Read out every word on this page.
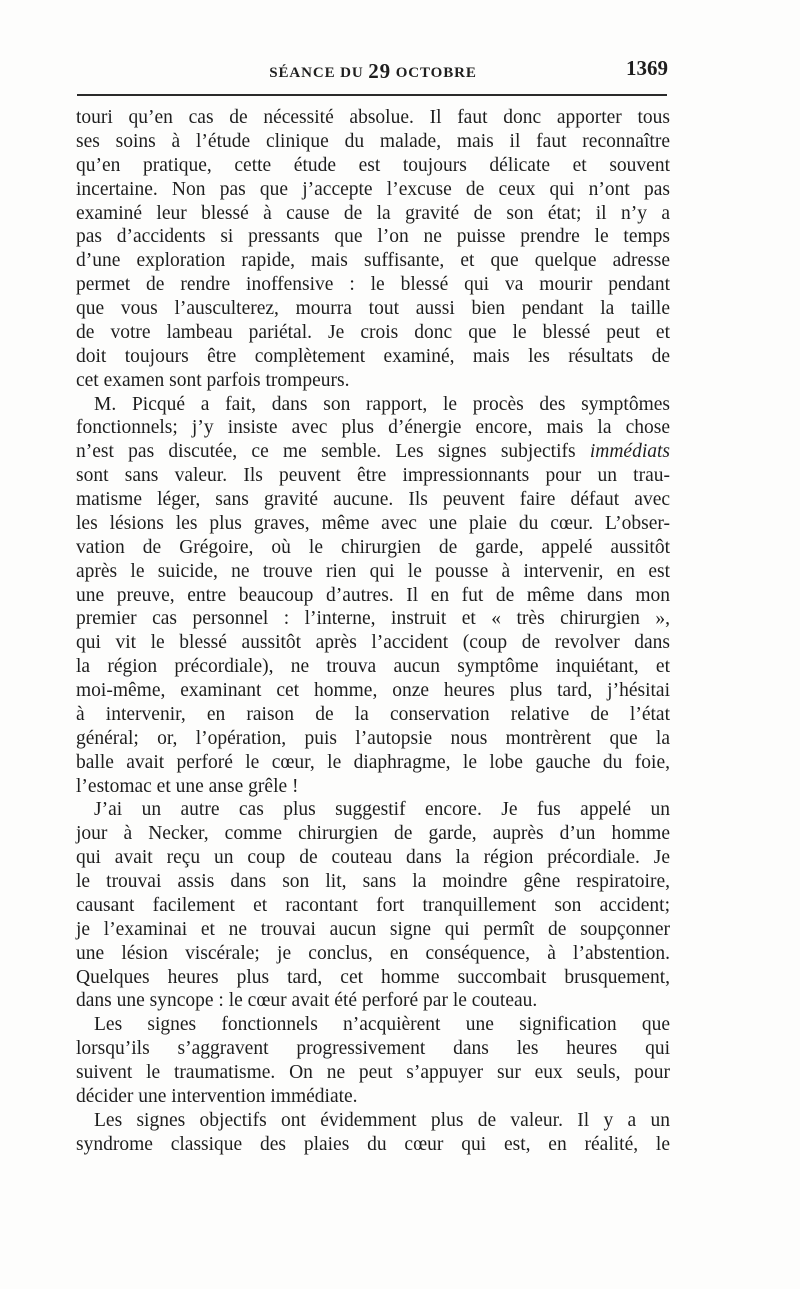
SÉANCE DU 29 OCTOBRE	1369
touri qu’en cas de nécessité absolue. Il faut donc apporter tous
ses soins à l’étude clinique du malade, mais il faut reconnaître
qu’en pratique, cette étude est toujours délicate et souvent
incertaine. Non pas que j’accepte l’excuse de ceux qui n’ont pas
examiné leur blessé à cause de la gravité de son état; il n’y a
pas d’accidents si pressants que l’on ne puisse prendre le temps
d’une exploration rapide, mais suffisante, et que quelque adresse
permet de rendre inoffensive : le blessé qui va mourir pendant
que vous l’ausculterez, mourra tout aussi bien pendant la taille
de votre lambeau pariétal. Je crois donc que le blessé peut et
doit toujours être complètement examiné, mais les résultats de
cet examen sont parfois trompeurs.
M. Picqué a fait, dans son rapport, le procès des symptômes
fonctionnels; j’y insiste avec plus d’énergie encore, mais la chose
n’est pas discutée, ce me semble. Les signes subjectifs immédiats
sont sans valeur. Ils peuvent être impressionnants pour un trau-
matisme léger, sans gravité aucune. Ils peuvent faire défaut avec
les lésions les plus graves, même avec une plaie du cœur. L’obser-
vation de Grégoire, où le chirurgien de garde, appelé aussitôt
après le suicide, ne trouve rien qui le pousse à intervenir, en est
une preuve, entre beaucoup d’autres. Il en fut de même dans mon
premier cas personnel : l’interne, instruit et « très chirurgien »,
qui vit le blessé aussitôt après l’accident (coup de revolver dans
la région précordiale), ne trouva aucun symptôme inquiétant, et
moi-même, examinant cet homme, onze heures plus tard, j’hésitai
à intervenir, en raison de la conservation relative de l’état
général; or, l’opération, puis l’autopsie nous montrèrent que la
balle avait perforé le cœur, le diaphragme, le lobe gauche du foie,
l’estomac et une anse grêle !
J’ai un autre cas plus suggestif encore. Je fus appelé un
jour à Necker, comme chirurgien de garde, auprès d’un homme
qui avait reçu un coup de couteau dans la région précordiale. Je
le trouvai assis dans son lit, sans la moindre gêne respiratoire,
causant facilement et racontant fort tranquillement son accident;
je l’examinai et ne trouvai aucun signe qui permît de soupçonner
une lésion viscérale; je conclus, en conséquence, à l’abstention.
Quelques heures plus tard, cet homme succombait brusquement,
dans une syncope : le cœur avait été perforé par le couteau.
Les signes fonctionnels n’acquièrent une signification que
lorsqu’ils s’aggravent progressivement dans les heures qui
suivent le traumatisme. On ne peut s’appuyer sur eux seuls, pour
décider une intervention immédiate.
Les signes objectifs ont évidemment plus de valeur. Il y a un
syndrome classique des plaies du cœur qui est, en réalité, le
